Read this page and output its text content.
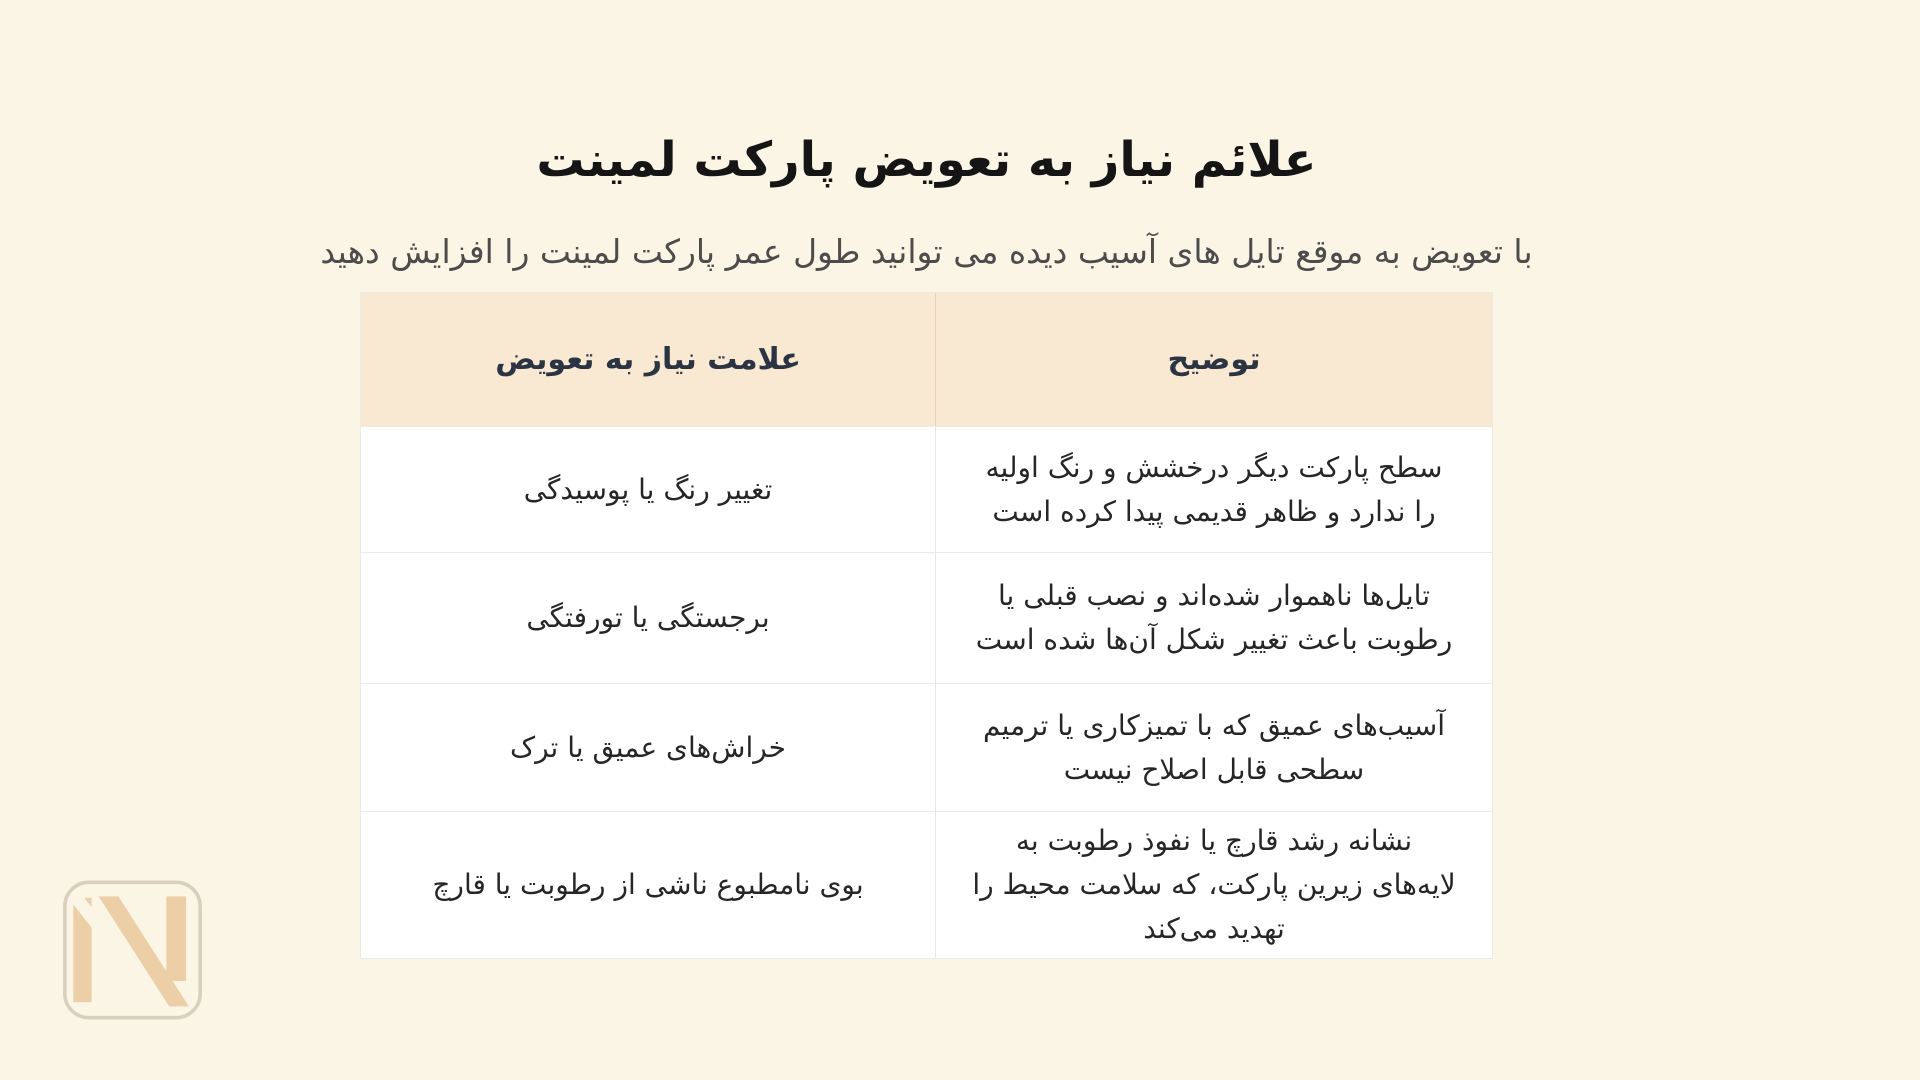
علائم نیاز به تعویض پارکت لمینت

با تعویض به موقع تایل های آسیب دیده می توانید طول عمر پارکت لمینت را افزایش دهید

علامت نیاز به تعویض	توضیح
تغییر رنگ یا پوسیدگی
سطح پارکت دیگر درخشش و رنگ اولیه را ندارد و ظاهر قدیمی پیدا کرده است
برجستگی یا تورفتگی
تایل‌ها ناهموار شده‌اند و نصب قبلی یا رطوبت باعث تغییر شکل آن‌ها شده است
خراش‌های عمیق یا ترک
آسیب‌های عمیق که با تمیزکاری یا ترمیم سطحی قابل اصلاح نیست
بوی نامطبوع ناشی از رطوبت یا قارچ
نشانه رشد قارچ یا نفوذ رطوبت به لایه‌های زیرین پارکت، که سلامت محیط را تهدید می‌کند
